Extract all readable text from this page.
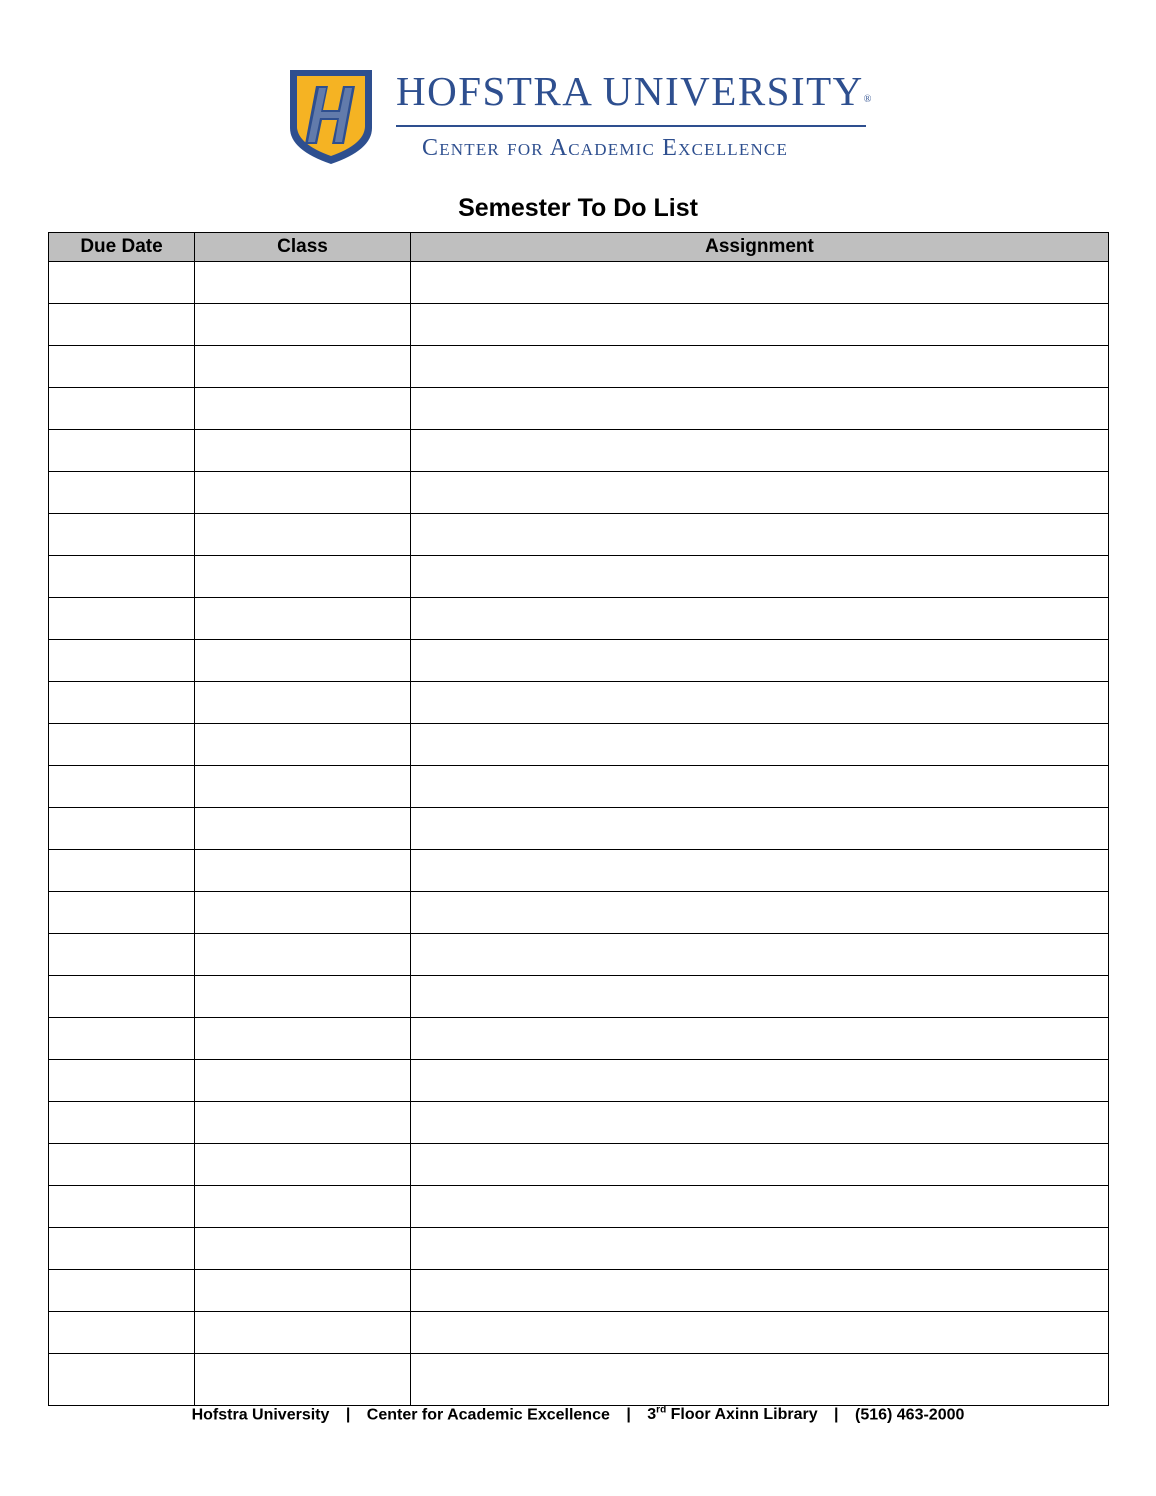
HOFSTRA UNIVERSITY®
Center for Academic Excellence
Semester To Do List
Due Date	Class	Assignment

Hofstra University | Center for Academic Excellence | 3rd Floor Axinn Library | (516) 463-2000
